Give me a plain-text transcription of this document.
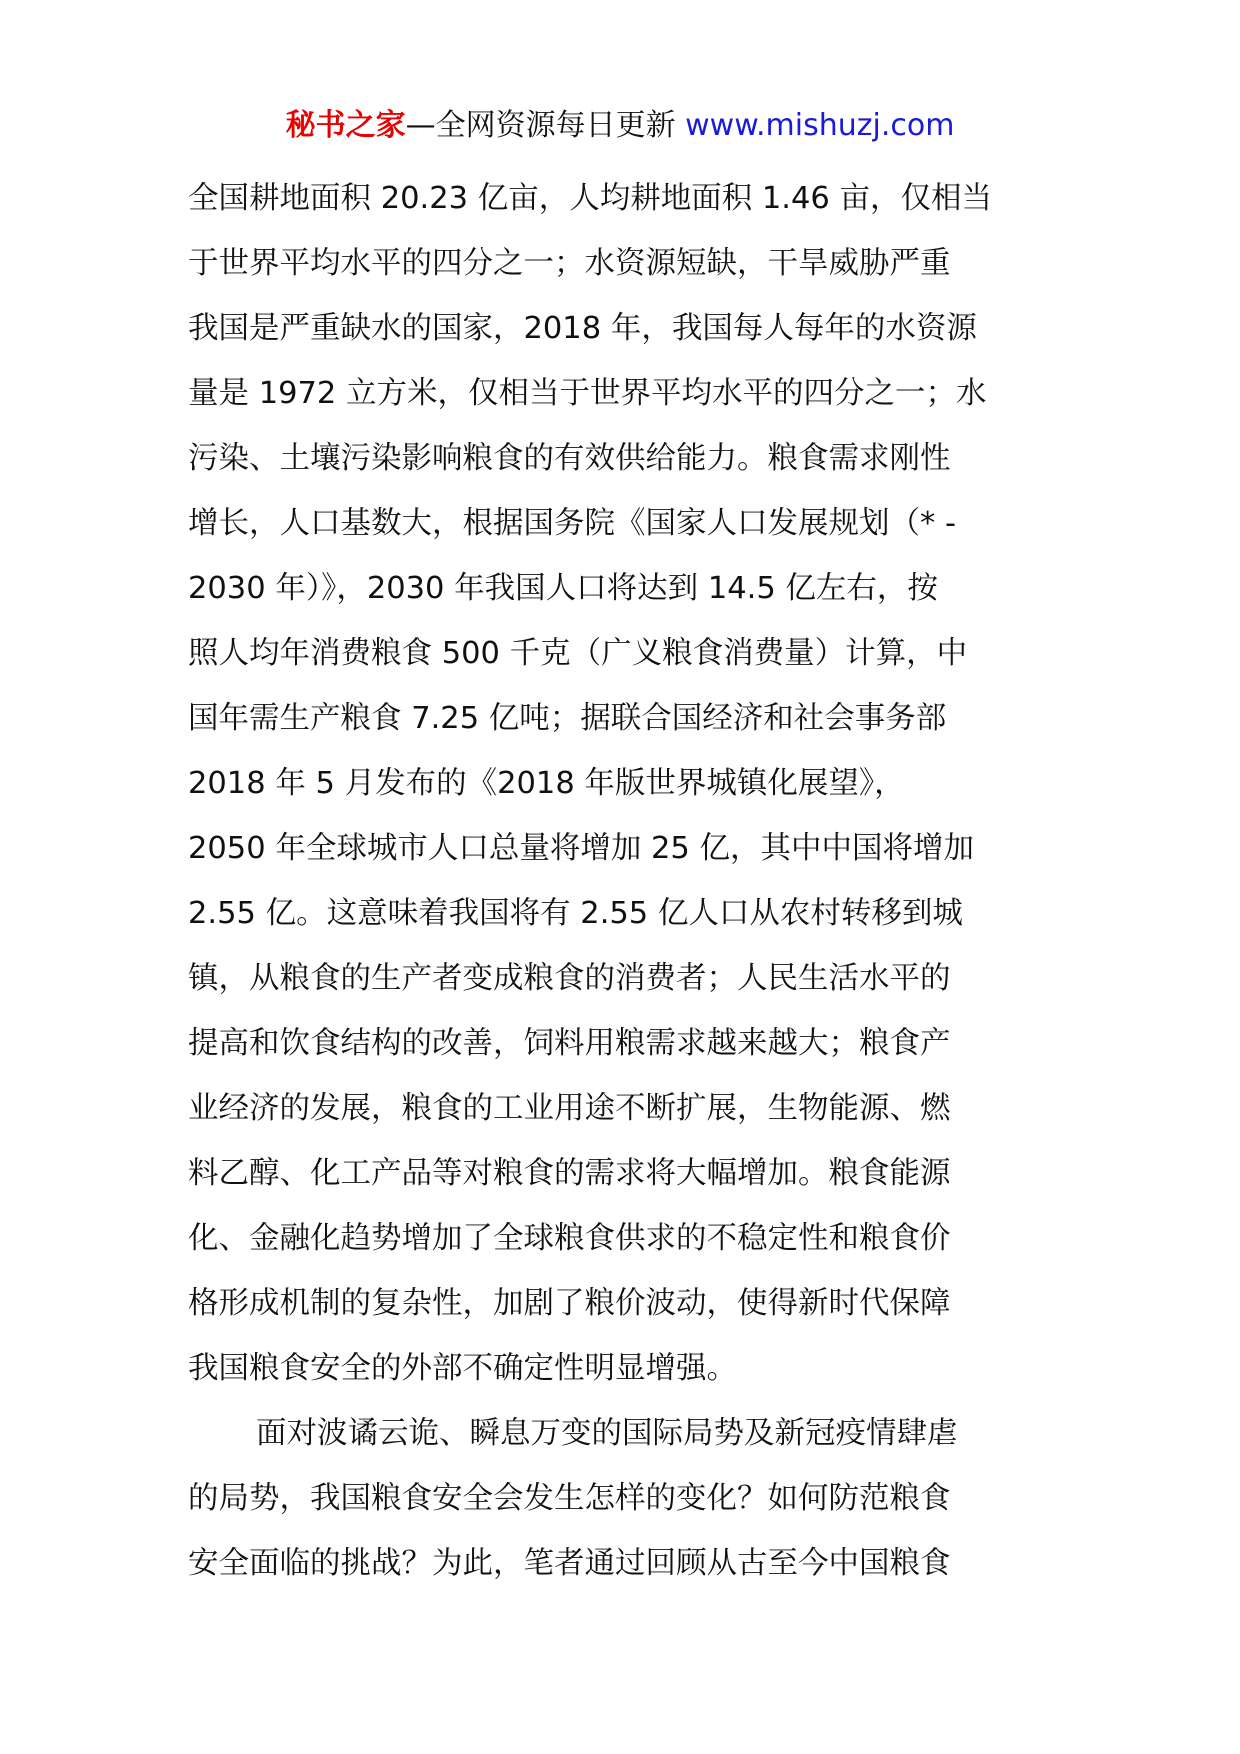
秘书之家—全网资源每日更新 www.mishuzj.com
全国耕地面积 20.23 亿亩，人均耕地面积 1.46 亩，仅相当
于世界平均水平的四分之一；水资源短缺，干旱威胁严重
我国是严重缺水的国家，2018 年，我国每人每年的水资源
量是 1972 立方米，仅相当于世界平均水平的四分之一；水
污染、土壤污染影响粮食的有效供给能力。粮食需求刚性
增长，人口基数大，根据国务院《国家人口发展规划（* -
2030 年）》，2030 年我国人口将达到 14.5 亿左右，按
照人均年消费粮食 500 千克（广义粮食消费量）计算，中
国年需生产粮食 7.25 亿吨；据联合国经济和社会事务部
2018 年 5 月发布的《2018 年版世界城镇化展望》，
2050 年全球城市人口总量将增加 25 亿，其中中国将增加
2.55 亿。这意味着我国将有 2.55 亿人口从农村转移到城
镇，从粮食的生产者变成粮食的消费者；人民生活水平的
提高和饮食结构的改善，饲料用粮需求越来越大；粮食产
业经济的发展，粮食的工业用途不断扩展，生物能源、燃
料乙醇、化工产品等对粮食的需求将大幅增加。粮食能源
化、金融化趋势增加了全球粮食供求的不稳定性和粮食价
格形成机制的复杂性，加剧了粮价波动，使得新时代保障
我国粮食安全的外部不确定性明显增强。
面对波谲云诡、瞬息万变的国际局势及新冠疫情肆虐
的局势，我国粮食安全会发生怎样的变化？如何防范粮食
安全面临的挑战？为此，笔者通过回顾从古至今中国粮食
